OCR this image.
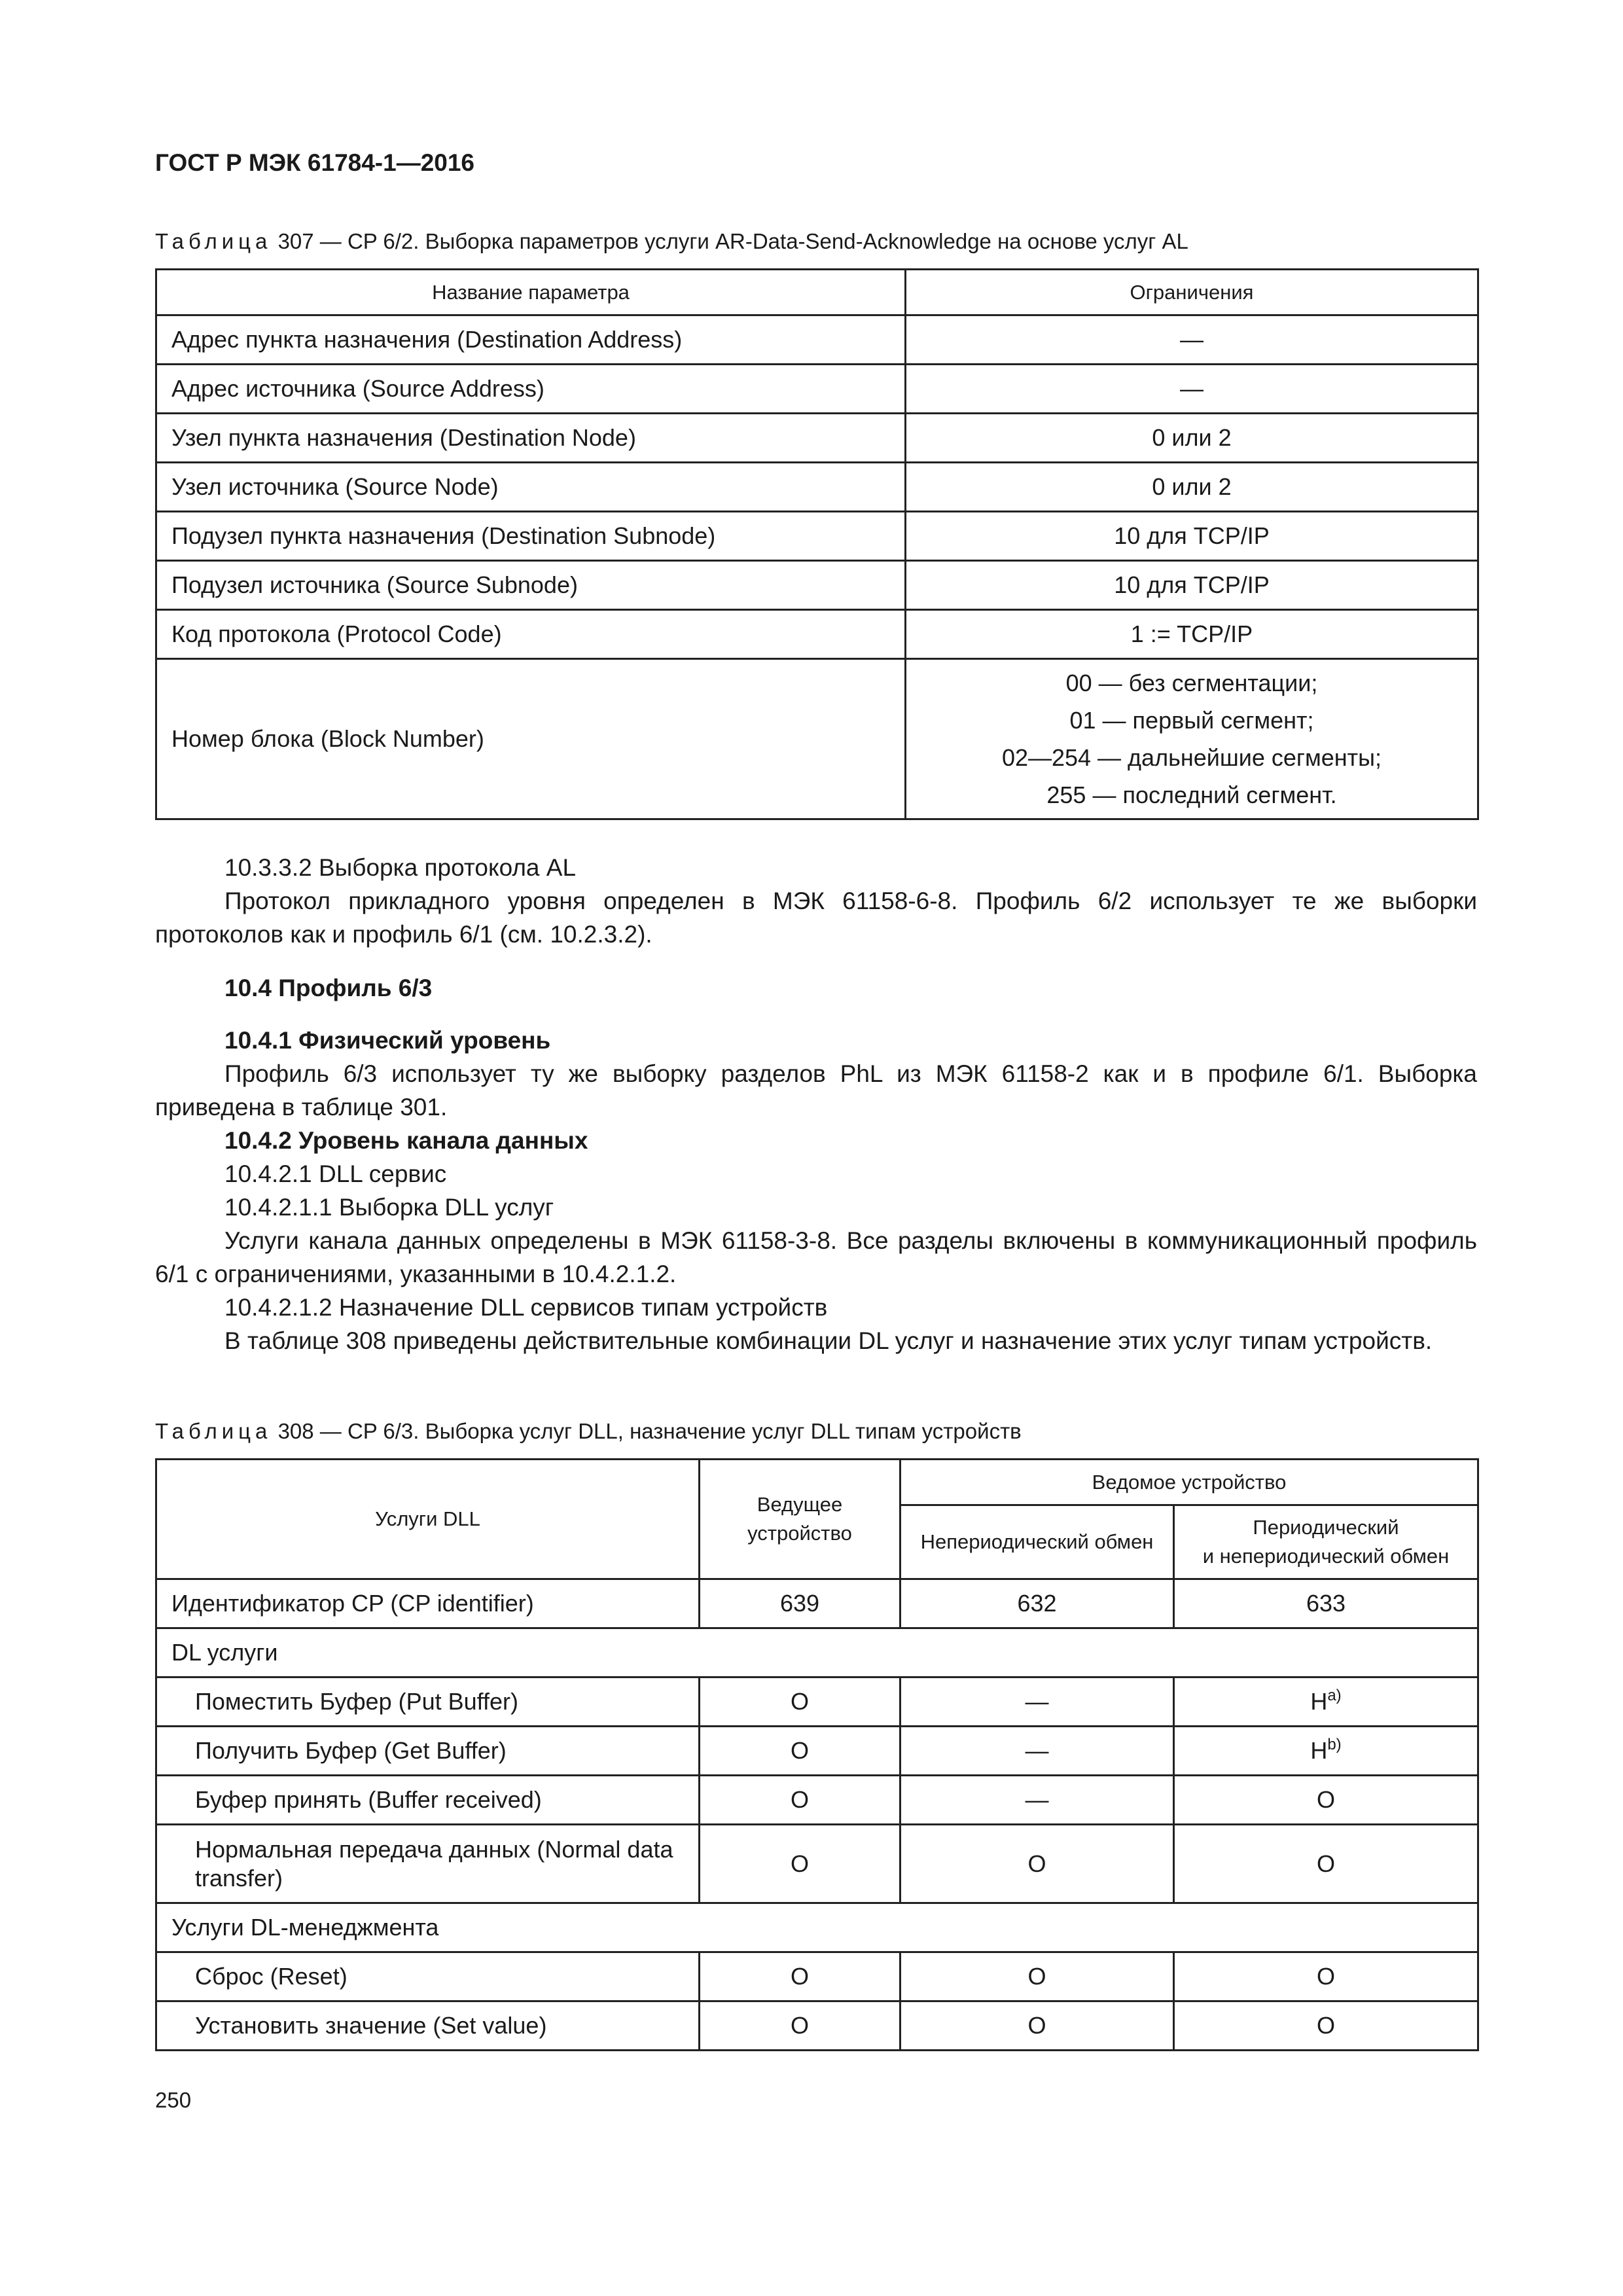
ГОСТ Р МЭК 61784-1—2016
Таблица 307 — CP 6/2. Выборка параметров услуги AR-Data-Send-Acknowledge на основе услуг AL
Название параметра	Ограничения
Адрес пункта назначения (Destination Address)	—
Адрес источника (Source Address)	—
Узел пункта назначения (Destination Node)	0 или 2
Узел источника (Source Node)	0 или 2
Подузел пункта назначения (Destination Subnode)	10 для TCP/IP
Подузел источника (Source Subnode)	10 для TCP/IP
Код протокола (Protocol Code)	1 := TCP/IP
Номер блока (Block Number)	00 — без сегментации;
01 — первый сегмент;
02—254 — дальнейшие сегменты;
255 — последний сегмент.

10.3.3.2 Выборка протокола AL

Протокол прикладного уровня определен в МЭК 61158-6-8. Профиль 6/2 использует те же выборки протоколов как и профиль 6/1 (см. 10.2.3.2).

10.4 Профиль 6/3

10.4.1 Физический уровень

Профиль 6/3 использует ту же выборку разделов PhL из МЭК 61158-2 как и в профиле 6/1. Выборка приведена в таблице 301.

10.4.2 Уровень канала данных

10.4.2.1 DLL сервис

10.4.2.1.1 Выборка DLL услуг

Услуги канала данных определены в МЭК 61158-3-8. Все разделы включены в коммуникационный профиль 6/1 с ограничениями, указанными в 10.4.2.1.2.

10.4.2.1.2 Назначение DLL сервисов типам устройств

В таблице 308 приведены действительные комбинации DL услуг и назначение этих услуг типам устройств.

Таблица 308 — CP 6/3. Выборка услуг DLL, назначение услуг DLL типам устройств
Услуги DLL	Ведущее устройство	Ведомое устройство	
		Непериодический обмен	Периодический
и непериодический обмен

Идентификатор CP (CP identifier)	639	632	633
DL услуги			
Поместить Буфер (Put Buffer)	O	—	$H^{a)}$
Получить Буфер (Get Buffer)	O	—	$H^{b)}$
Буфер принять (Buffer received)	O	—	O
Нормальная передача данных (Normal data transfer)	O	O	O
Услуги DL-менеджмента			
Сброс (Reset)	O	O	O
Установить значение (Set value)	O	O	O
250
